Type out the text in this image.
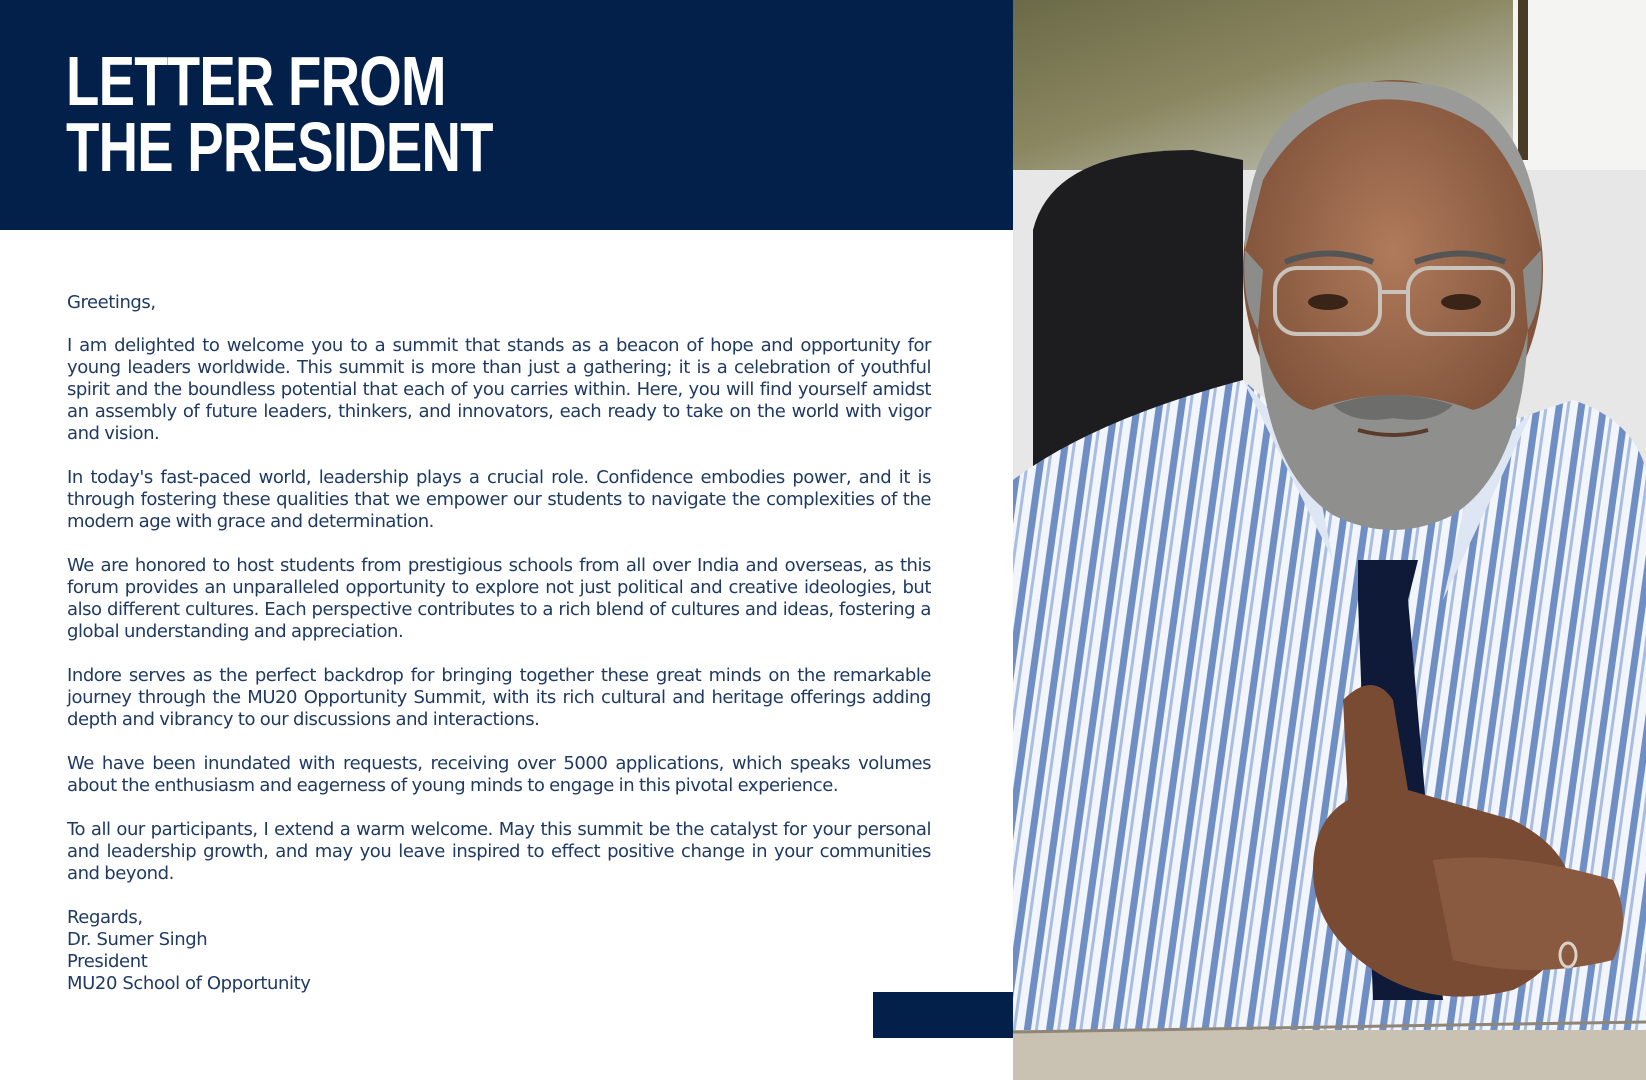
LETTER FROM
THE PRESIDENT

Greetings,

I am delighted to welcome you to a summit that stands as a beacon of hope and opportunity for young leaders worldwide. This summit is more than just a gathering; it is a celebration of youthful spirit and the boundless potential that each of you carries within. Here, you will find yourself amidst an assembly of future leaders, thinkers, and innovators, each ready to take on the world with vigor and vision.

In today's fast-paced world, leadership plays a crucial role. Confidence embodies power, and it is through fostering these qualities that we empower our students to navigate the complexities of the modern age with grace and determination.

We are honored to host students from prestigious schools from all over India and overseas, as this forum provides an unparalleled opportunity to explore not just political and creative ideologies, but also different cultures. Each perspective contributes to a rich blend of cultures and ideas, fostering a global understanding and appreciation.

Indore serves as the perfect backdrop for bringing together these great minds on the remarkable journey through the MU20 Opportunity Summit, with its rich cultural and heritage offerings adding depth and vibrancy to our discussions and interactions.

We have been inundated with requests, receiving over 5000 applications, which speaks volumes about the enthusiasm and eagerness of young minds to engage in this pivotal experience.

To all our participants, I extend a warm welcome. May this summit be the catalyst for your personal and leadership growth, and may you leave inspired to effect positive change in your communities and beyond.

Regards,
Dr. Sumer Singh
President
MU20 School of Opportunity
